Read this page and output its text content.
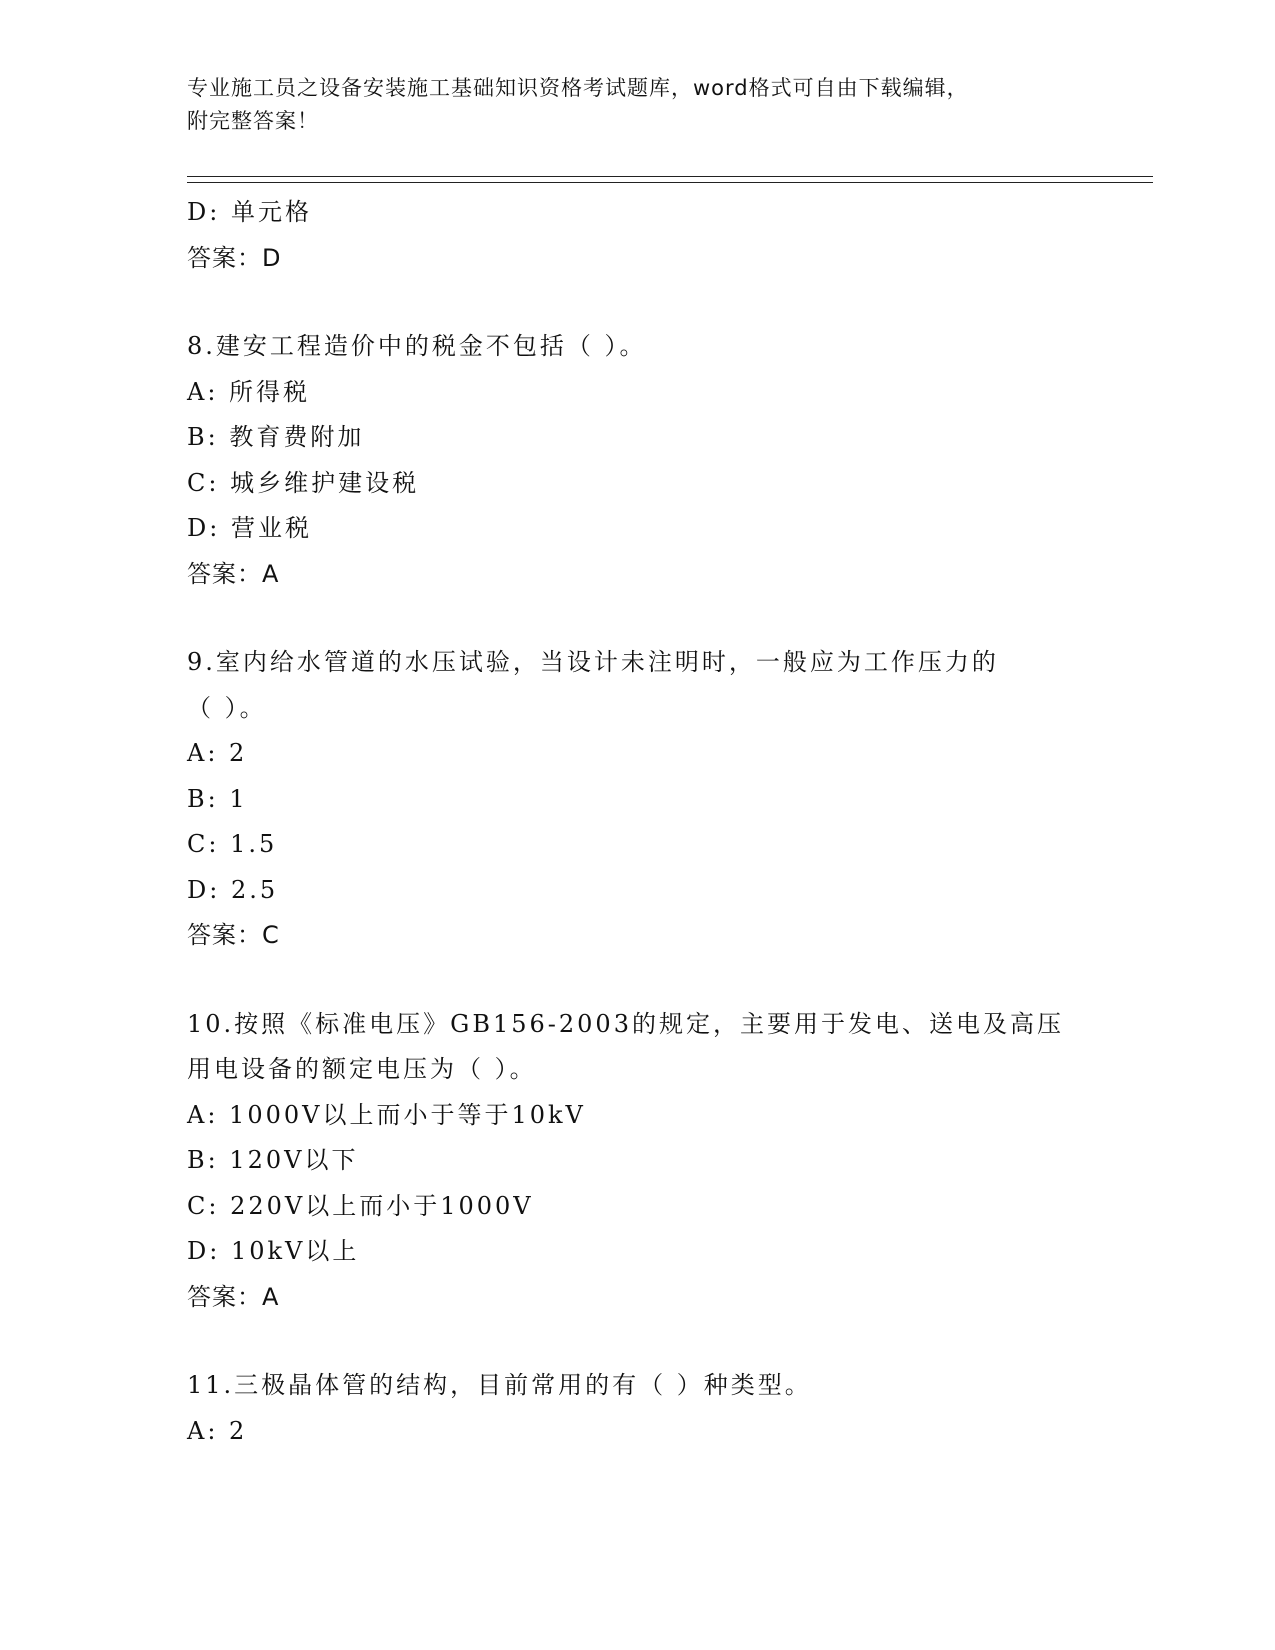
专业施工员之设备安装施工基础知识资格考试题库，word格式可自由下载编辑，
附完整答案！
D: 单元格
答案：D
8.建安工程造价中的税金不包括（ ）。
A: 所得税
B: 教育费附加
C: 城乡维护建设税
D: 营业税
答案：A
9.室内给水管道的水压试验，当设计未注明时，一般应为工作压力的
（ ）。
A: 2
B: 1
C: 1.5
D: 2.5
答案：C
10.按照《标准电压》GB156-2003的规定，主要用于发电、送电及高压
用电设备的额定电压为（ ）。
A: 1000V以上而小于等于10kV
B: 120V以下
C: 220V以上而小于1000V
D: 10kV以上
答案：A
11.三极晶体管的结构，目前常用的有（ ）种类型。
A: 2
